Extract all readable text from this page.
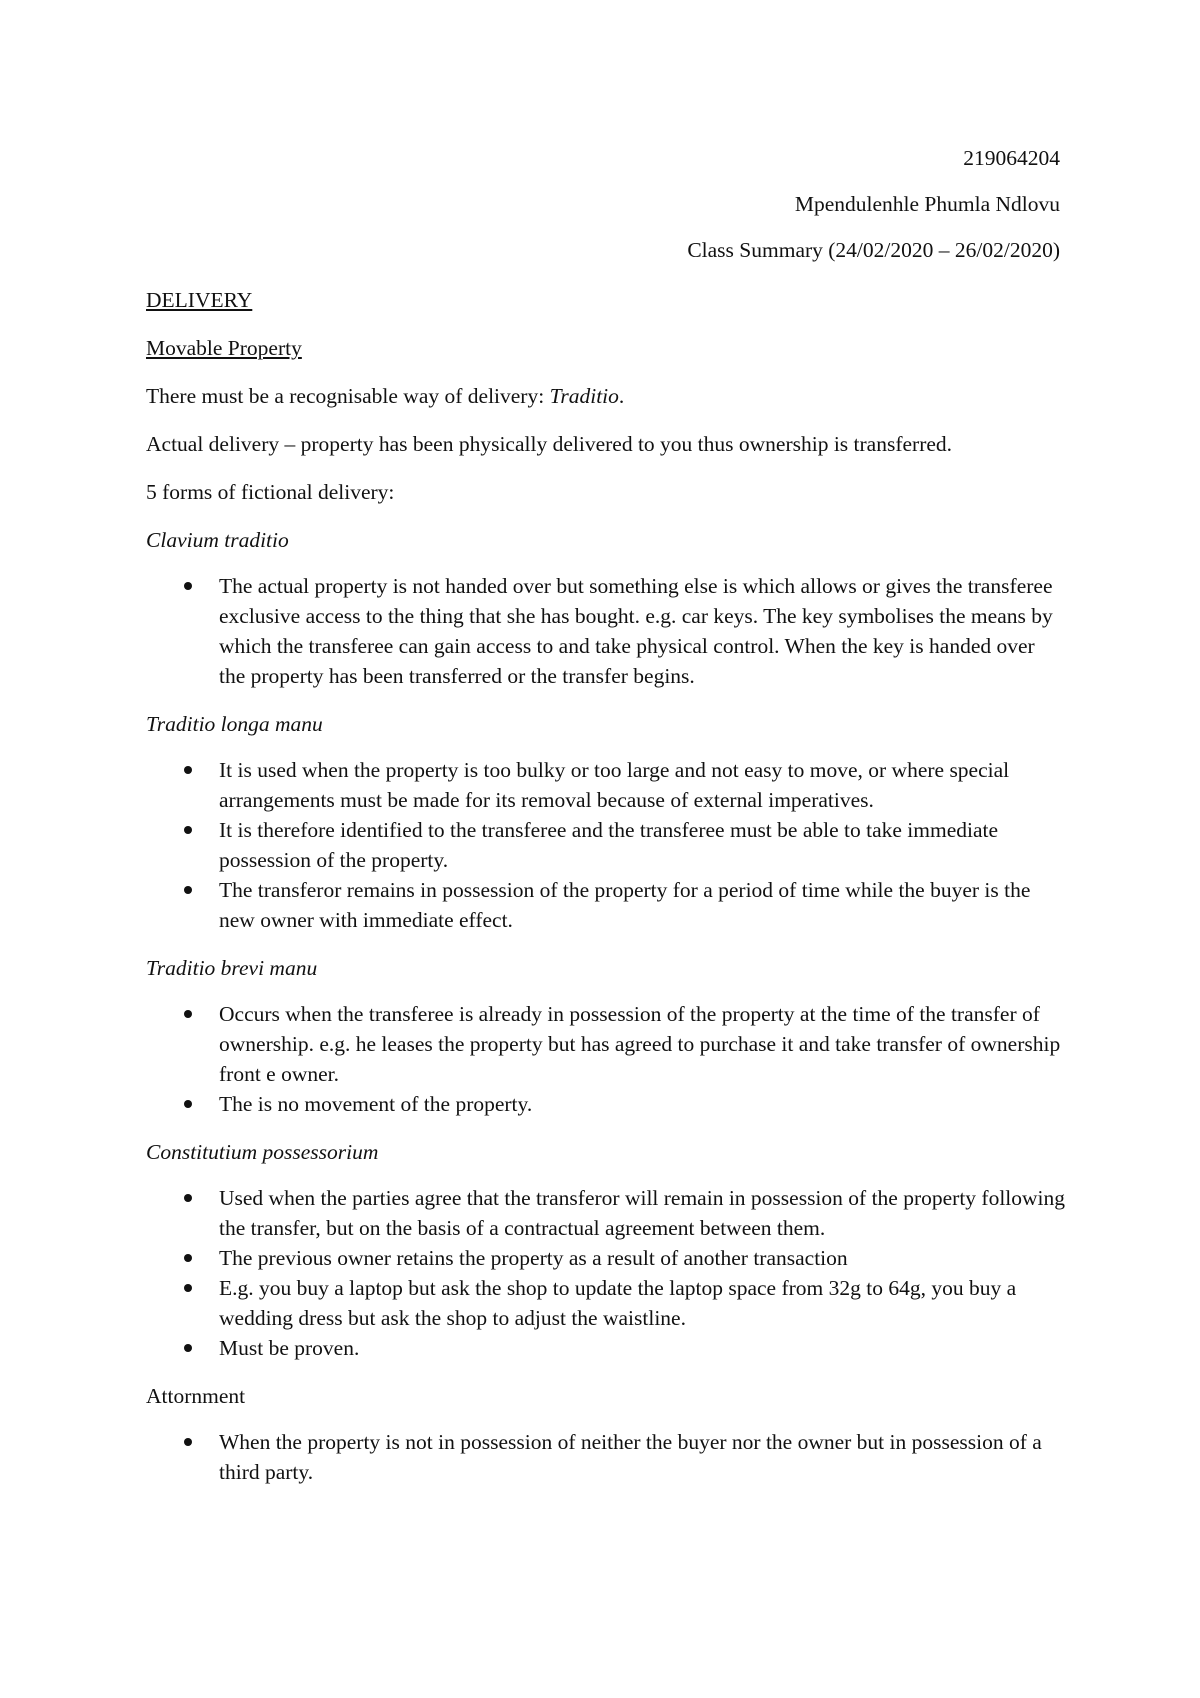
219064204
Mpendulenhle Phumla Ndlovu
Class Summary (24/02/2020 – 26/02/2020)

DELIVERY

Movable Property

There must be a recognisable way of delivery: Traditio.

Actual delivery – property has been physically delivered to you thus ownership is transferred.

5 forms of fictional delivery:

Clavium traditio

The actual property is not handed over but something else is which allows or gives the transferee exclusive access to the thing that she has bought. e.g. car keys. The key symbolises the means by which the transferee can gain access to and take physical control. When the key is handed over the property has been transferred or the transfer begins.

Traditio longa manu

It is used when the property is too bulky or too large and not easy to move, or where special arrangements must be made for its removal because of external imperatives.
It is therefore identified to the transferee and the transferee must be able to take immediate possession of the property.
The transferor remains in possession of the property for a period of time while the buyer is the new owner with immediate effect.

Traditio brevi manu

Occurs when the transferee is already in possession of the property at the time of the transfer of ownership. e.g. he leases the property but has agreed to purchase it and take transfer of ownership front e owner.
The is no movement of the property.

Constitutium possessorium

Used when the parties agree that the transferor will remain in possession of the property following the transfer, but on the basis of a contractual agreement between them.
The previous owner retains the property as a result of another transaction
E.g. you buy a laptop but ask the shop to update the laptop space from 32g to 64g, you buy a wedding dress but ask the shop to adjust the waistline.
Must be proven.

Attornment

When the property is not in possession of neither the buyer nor the owner but in possession of a third party.
